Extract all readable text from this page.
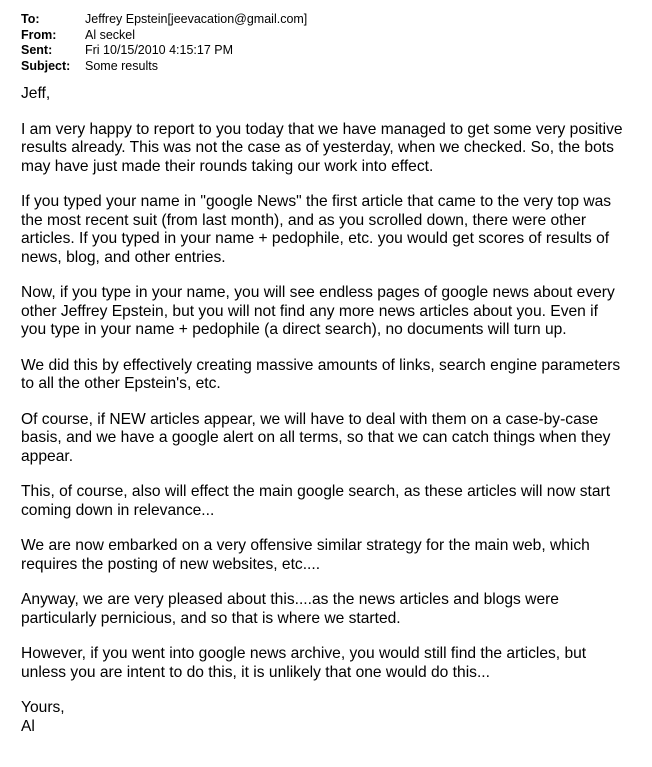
To:	Jeffrey Epstein[jeevacation@gmail.com]
From:	Al seckel
Sent:	Fri 10/15/2010 4:15:17 PM
Subject:	Some results

Jeff,

I am very happy to report to you today that we have managed to get some very positive
results already. This was not the case as of yesterday, when we checked. So, the bots
may have just made their rounds taking our work into effect.

If you typed your name in "google News" the first article that came to the very top was
the most recent suit (from last month), and as you scrolled down, there were other
articles. If you typed in your name + pedophile, etc. you would get scores of results of
news, blog, and other entries.

Now, if you type in your name, you will see endless pages of google news about every
other Jeffrey Epstein, but you will not find any more news articles about you. Even if
you type in your name + pedophile (a direct search), no documents will turn up.

We did this by effectively creating massive amounts of links, search engine parameters
to all the other Epstein's, etc.

Of course, if NEW articles appear, we will have to deal with them on a case-by-case
basis, and we have a google alert on all terms, so that we can catch things when they
appear.

This, of course, also will effect the main google search, as these articles will now start
coming down in relevance...

We are now embarked on a very offensive similar strategy for the main web, which
requires the posting of new websites, etc....

Anyway, we are very pleased about this....as the news articles and blogs were
particularly pernicious, and so that is where we started.

However, if you went into google news archive, you would still find the articles, but
unless you are intent to do this, it is unlikely that one would do this...

Yours,
Al
